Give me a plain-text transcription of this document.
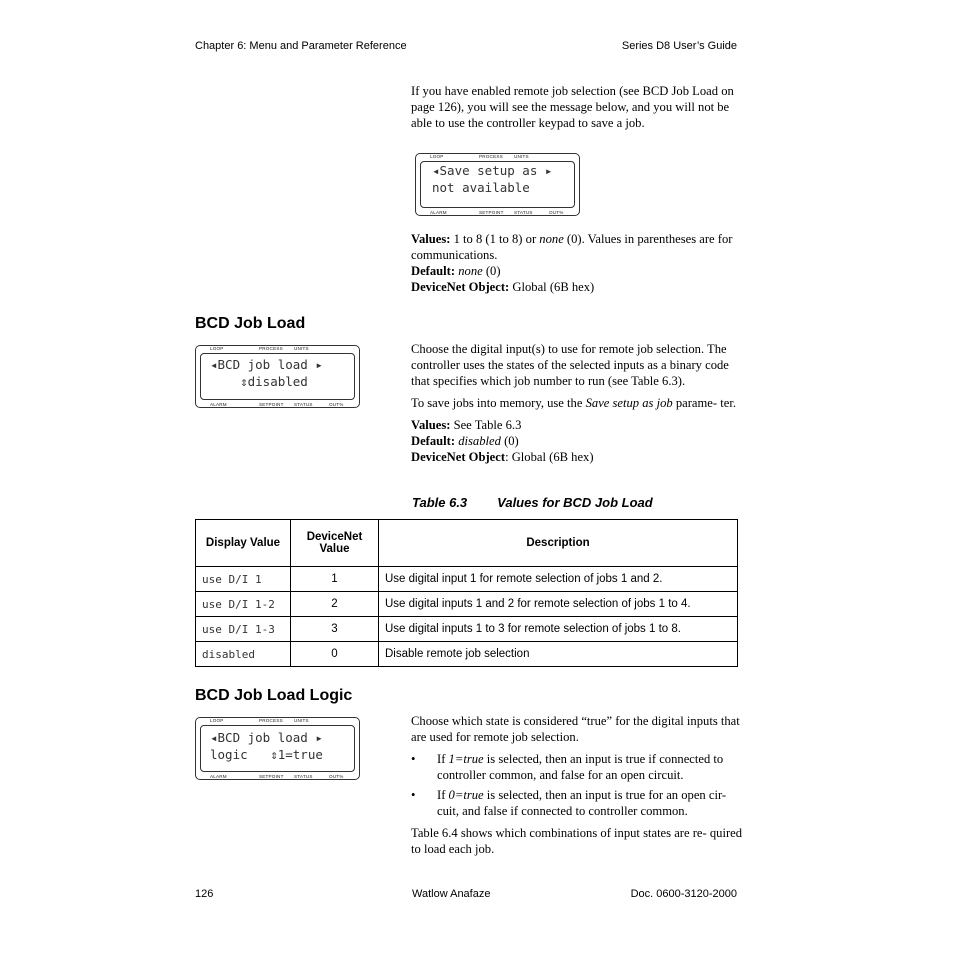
Chapter 6: Menu and Parameter Reference	Series D8 User’s Guide

If you have enabled remote job selection (see BCD Job Load on page 126), you will see the message below, and you will not be able to use the controller keypad to save a job.

LOOP	PROCESS UNITS
ALARM	SETPOINT STATUS	OUT%
◂Save setup as ▸
not available

Values: 1 to 8 (1 to 8) or none (0). Values in parentheses are for communications.

Default: none (0)

DeviceNet Object: Global (6B hex)

BCD Job Load
LOOP	PROCESS UNITS
ALARM	SETPOINT STATUS	OUT%
◂BCD job load ▸
⇕disabled

Choose the digital input(s) to use for remote job selection. The controller uses the states of the selected inputs as a binary code that specifies which job number to run (see Table 6.3).

To save jobs into memory, use the Save setup as job parame- ter.

Values: See Table 6.3

Default: disabled (0)

DeviceNet Object: Global (6B hex)

Table 6.3 Values for BCD Job Load
Display Value	DeviceNet Value	Description
use D/I 1	1	Use digital input 1 for remote selection of jobs 1 and 2.
use D/I 1-2	2	Use digital inputs 1 and 2 for remote selection of jobs 1 to 4.
use D/I 1-3	3	Use digital inputs 1 to 3 for remote selection of jobs 1 to 8.
disabled	0	Disable remote job selection
BCD Job Load Logic
LOOP	PROCESS UNITS
ALARM	SETPOINT STATUS	OUT%
◂BCD job load ▸
logic   ⇕1=true

Choose which state is considered “true” for the digital inputs that are used for remote job selection.

• If 1=true is selected, then an input is true if connected to controller common, and false for an open circuit.
• If 0=true is selected, then an input is true for an open cir- cuit, and false if connected to controller common.

Table 6.4 shows which combinations of input states are re- quired to load each job.

126	Watlow Anafaze	Doc. 0600-3120-2000
